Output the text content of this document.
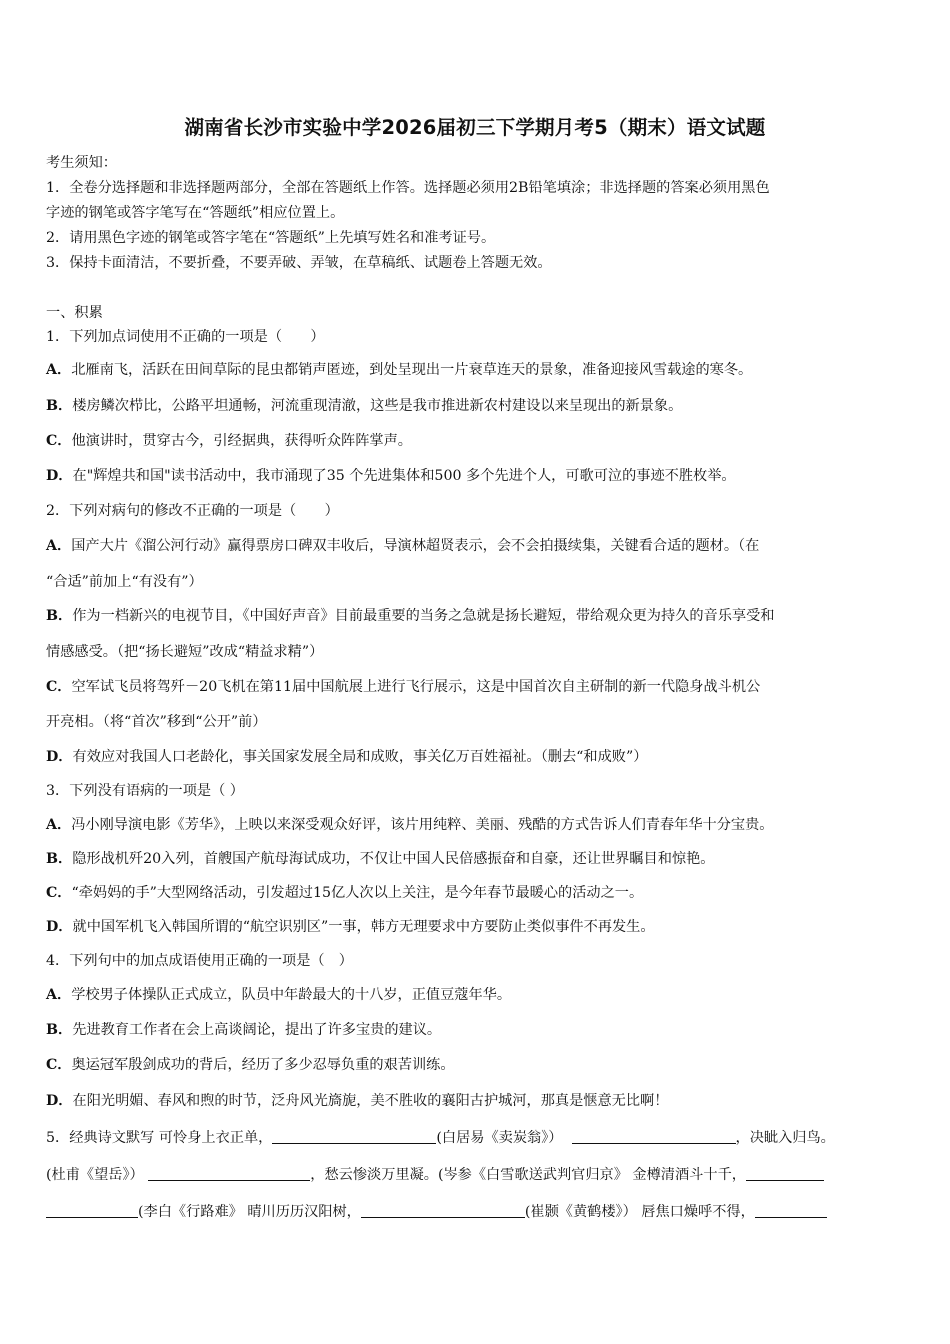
湖南省长沙市实验中学2026届初三下学期月考5（期末）语文试题
考生须知：
1．全卷分选择题和非选择题两部分，全部在答题纸上作答。选择题必须用2B铅笔填涂；非选择题的答案必须用黑色
字迹的钢笔或答字笔写在“答题纸”相应位置上。
2．请用黑色字迹的钢笔或答字笔在“答题纸”上先填写姓名和准考证号。
3．保持卡面清洁，不要折叠，不要弄破、弄皱，在草稿纸、试题卷上答题无效。
一、积累
1．下列加点词使用不正确的一项是（　　）
A．北雁南飞，活跃在田间草际的昆虫都销声匿迹，到处呈现出一片衰草连天的景象，准备迎接风雪载途的寒冬。
B．楼房鳞次栉比，公路平坦通畅，河流重现清澈，这些是我市推进新农村建设以来呈现出的新景象。
C．他演讲时，贯穿古今，引经据典，获得听众阵阵掌声。
D．在"辉煌共和国"读书活动中，我市涌现了35 个先进集体和500 多个先进个人，可歌可泣的事迹不胜枚举。
2．下列对病句的修改不正确的一项是（　　）
A．国产大片《溜公河行动》赢得票房口碑双丰收后，导演林超贤表示，会不会拍摄续集，关键看合适的题材。（在
“合适”前加上“有没有”）
B．作为一档新兴的电视节目，《中国好声音》目前最重要的当务之急就是扬长避短，带给观众更为持久的音乐享受和
情感感受。（把“扬长避短”改成“精益求精”）
C．空军试飞员将驾歼－20飞机在第11届中国航展上进行飞行展示，这是中国首次自主研制的新一代隐身战斗机公
开亮相。（将“首次”移到“公开”前）
D．有效应对我国人口老龄化，事关国家发展全局和成败，事关亿万百姓福祉。（删去“和成败”）
3．下列没有语病的一项是（ ）
A．冯小刚导演电影《芳华》，上映以来深受观众好评，该片用纯粹、美丽、残酷的方式告诉人们青春年华十分宝贵。
B．隐形战机歼20入列，首艘国产航母海试成功，不仅让中国人民倍感振奋和自豪，还让世界瞩目和惊艳。
C．“牵妈妈的手”大型网络活动，引发超过15亿人次以上关注，是今年春节最暖心的活动之一。
D．就中国军机飞入韩国所谓的“航空识别区”一事，韩方无理要求中方要防止类似事件不再发生。
4．下列句中的加点成语使用正确的一项是（　）
A．学校男子体操队正式成立，队员中年龄最大的十八岁，正值豆蔻年华。
B．先进教育工作者在会上高谈阔论，提出了许多宝贵的建议。
C．奥运冠军殷剑成功的背后，经历了多少忍辱负重的艰苦训练。
D．在阳光明媚、春风和煦的时节，泛舟风光旖旎，美不胜收的襄阳古护城河，那真是惬意无比啊！
5．经典诗文默写 可怜身上衣正单，	(白居易《卖炭翁》）	，决眦入归鸟。
(杜甫《望岳》）	，愁云惨淡万里凝。(岑参《白雪歌送武判官归京》 金樽清酒斗十千，
(李白《行路难》 晴川历历汉阳树，	(崔颢《黄鹤楼》） 唇焦口燥呼不得，
